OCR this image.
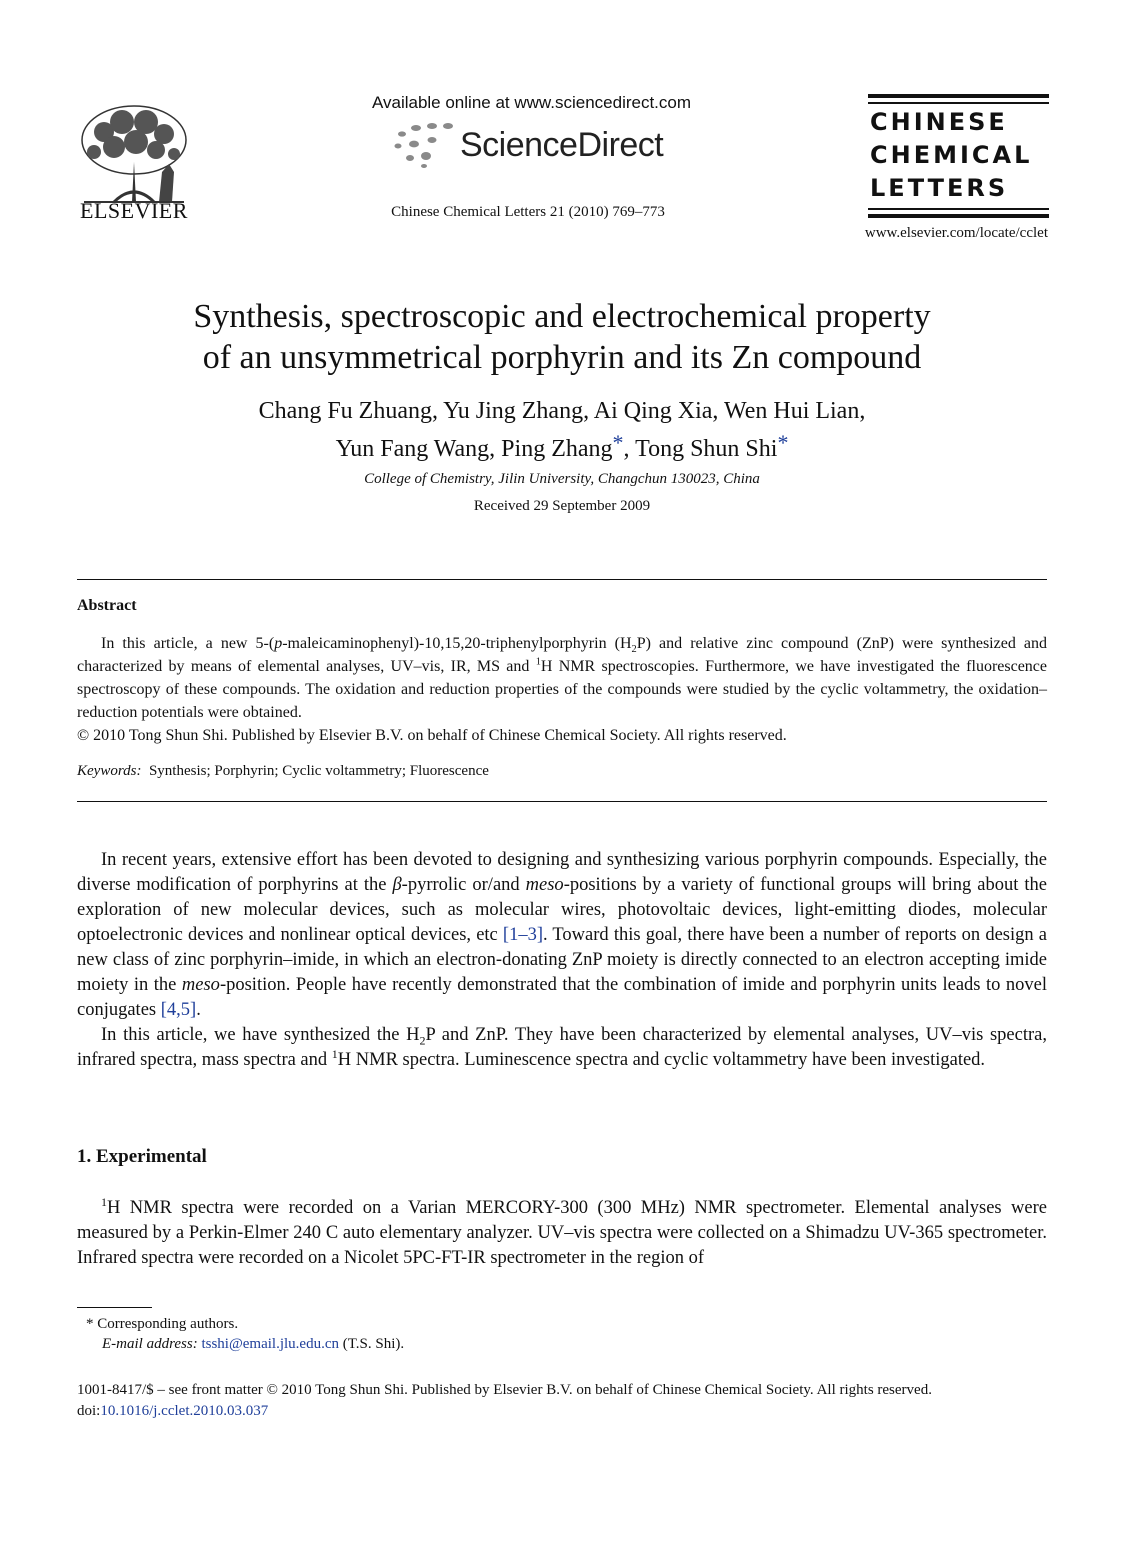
ELSEVIER
Available online at www.sciencedirect.com
ScienceDirect
Chinese Chemical Letters 21 (2010) 769–773
CHINESE
CHEMICAL
LETTERS
www.elsevier.com/locate/cclet
Synthesis, spectroscopic and electrochemical property
of an unsymmetrical porphyrin and its Zn compound
Chang Fu Zhuang, Yu Jing Zhang, Ai Qing Xia, Wen Hui Lian,
Yun Fang Wang, Ping Zhang*, Tong Shun Shi*
College of Chemistry, Jilin University, Changchun 130023, China
Received 29 September 2009
Abstract

In this article, a new 5-(p-maleicaminophenyl)-10,15,20-triphenylporphyrin $(H_2P)$ and relative zinc compound (ZnP) were synthesized and characterized by means of elemental analyses, UV–vis, IR, MS and $^1$H NMR spectroscopies. Furthermore, we have investigated the fluorescence spectroscopy of these compounds. The oxidation and reduction properties of the compounds were studied by the cyclic voltammetry, the oxidation–reduction potentials were obtained.

© 2010 Tong Shun Shi. Published by Elsevier B.V. on behalf of Chinese Chemical Society. All rights reserved.

Keywords: Synthesis; Porphyrin; Cyclic voltammetry; Fluorescence

In recent years, extensive effort has been devoted to designing and synthesizing various porphyrin compounds. Especially, the diverse modification of porphyrins at the β-pyrrolic or/and meso-positions by a variety of functional groups will bring about the exploration of new molecular devices, such as molecular wires, photovoltaic devices, light-emitting diodes, molecular optoelectronic devices and nonlinear optical devices, etc [1–3]. Toward this goal, there have been a number of reports on design a new class of zinc porphyrin–imide, in which an electron-donating ZnP moiety is directly connected to an electron accepting imide moiety in the meso-position. People have recently demonstrated that the combination of imide and porphyrin units leads to novel conjugates [4,5].

In this article, we have synthesized the $H_2P$ and ZnP. They have been characterized by elemental analyses, UV–vis spectra, infrared spectra, mass spectra and $^1$H NMR spectra. Luminescence spectra and cyclic voltammetry have been investigated.

1. Experimental

$^1$H NMR spectra were recorded on a Varian MERCORY-300 (300 MHz) NMR spectrometer. Elemental analyses were measured by a Perkin-Elmer 240 C auto elementary analyzer. UV–vis spectra were collected on a Shimadzu UV-365 spectrometer. Infrared spectra were recorded on a Nicolet 5PC-FT-IR spectrometer in the region of

* Corresponding authors.
E-mail address: tsshi@email.jlu.edu.cn (T.S. Shi).
1001-8417/$ – see front matter © 2010 Tong Shun Shi. Published by Elsevier B.V. on behalf of Chinese Chemical Society. All rights reserved.
doi:10.1016/j.cclet.2010.03.037
